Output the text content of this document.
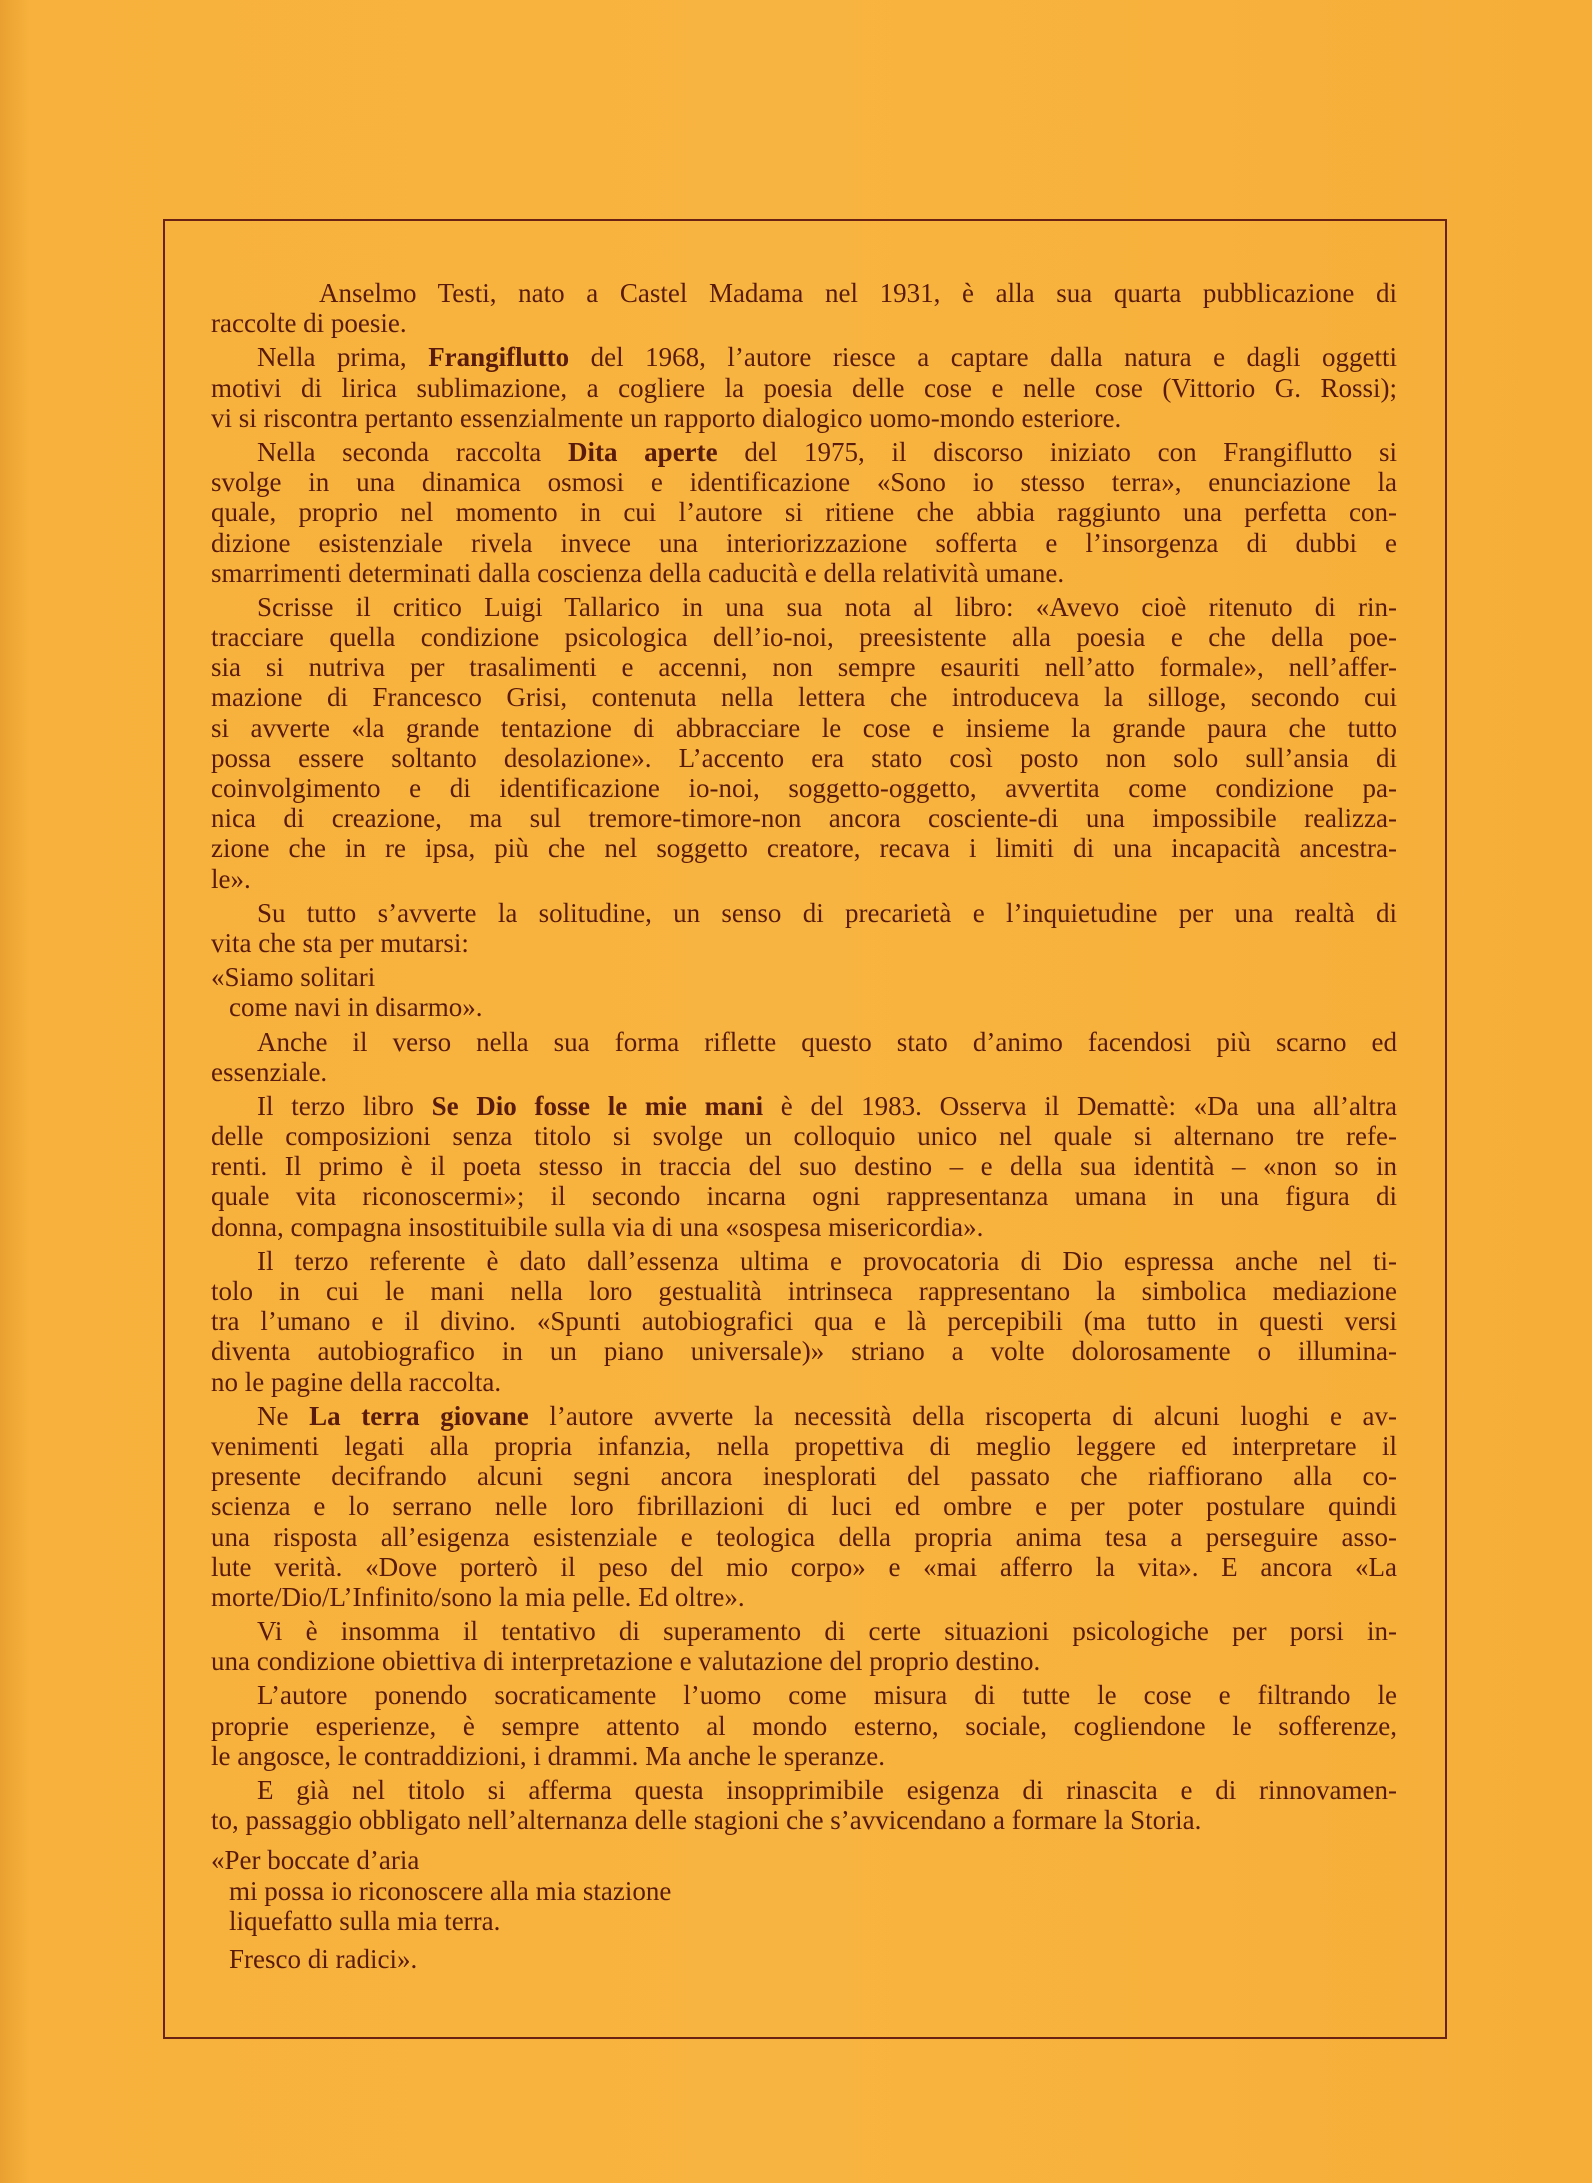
Anselmo Testi, nato a Castel Madama nel 1931, è alla sua quarta pubblicazione di
raccolte di poesie.
Nella prima, Frangiflutto del 1968, l’autore riesce a captare dalla natura e dagli oggetti
motivi di lirica sublimazione, a cogliere la poesia delle cose e nelle cose (Vittorio G. Rossi);
vi si riscontra pertanto essenzialmente un rapporto dialogico uomo-mondo esteriore.
Nella seconda raccolta Dita aperte del 1975, il discorso iniziato con Frangiflutto si
svolge in una dinamica osmosi e identificazione «Sono io stesso terra», enunciazione la
quale, proprio nel momento in cui l’autore si ritiene che abbia raggiunto una perfetta con-
dizione esistenziale rivela invece una interiorizzazione sofferta e l’insorgenza di dubbi e
smarrimenti determinati dalla coscienza della caducità e della relatività umane.
Scrisse il critico Luigi Tallarico in una sua nota al libro: «Avevo cioè ritenuto di rin-
tracciare quella condizione psicologica dell’io-noi, preesistente alla poesia e che della poe-
sia si nutriva per trasalimenti e accenni, non sempre esauriti nell’atto formale», nell’affer-
mazione di Francesco Grisi, contenuta nella lettera che introduceva la silloge, secondo cui
si avverte «la grande tentazione di abbracciare le cose e insieme la grande paura che tutto
possa essere soltanto desolazione». L’accento era stato così posto non solo sull’ansia di
coinvolgimento e di identificazione io-noi, soggetto-oggetto, avvertita come condizione pa-
nica di creazione, ma sul tremore-timore-non ancora cosciente-di una impossibile realizza-
zione che in re ipsa, più che nel soggetto creatore, recava i limiti di una incapacità ancestra-
le».
Su tutto s’avverte la solitudine, un senso di precarietà e l’inquietudine per una realtà di
vita che sta per mutarsi:
«Siamo solitari
come navi in disarmo».
Anche il verso nella sua forma riflette questo stato d’animo facendosi più scarno ed
essenziale.
Il terzo libro Se Dio fosse le mie mani è del 1983. Osserva il Demattè: «Da una all’altra
delle composizioni senza titolo si svolge un colloquio unico nel quale si alternano tre refe-
renti. Il primo è il poeta stesso in traccia del suo destino – e della sua identità – «non so in
quale vita riconoscermi»; il secondo incarna ogni rappresentanza umana in una figura di
donna, compagna insostituibile sulla via di una «sospesa misericordia».
Il terzo referente è dato dall’essenza ultima e provocatoria di Dio espressa anche nel ti-
tolo in cui le mani nella loro gestualità intrinseca rappresentano la simbolica mediazione
tra l’umano e il divino. «Spunti autobiografici qua e là percepibili (ma tutto in questi versi
diventa autobiografico in un piano universale)» striano a volte dolorosamente o illumina-
no le pagine della raccolta.
Ne La terra giovane l’autore avverte la necessità della riscoperta di alcuni luoghi e av-
venimenti legati alla propria infanzia, nella propettiva di meglio leggere ed interpretare il
presente decifrando alcuni segni ancora inesplorati del passato che riaffiorano alla co-
scienza e lo serrano nelle loro fibrillazioni di luci ed ombre e per poter postulare quindi
una risposta all’esigenza esistenziale e teologica della propria anima tesa a perseguire asso-
lute verità. «Dove porterò il peso del mio corpo» e «mai afferro la vita». E ancora «La
morte/Dio/L’Infinito/sono la mia pelle. Ed oltre».
Vi è insomma il tentativo di superamento di certe situazioni psicologiche per porsi in-
una condizione obiettiva di interpretazione e valutazione del proprio destino.
L’autore ponendo socraticamente l’uomo come misura di tutte le cose e filtrando le
proprie esperienze, è sempre attento al mondo esterno, sociale, cogliendone le sofferenze,
le angosce, le contraddizioni, i drammi. Ma anche le speranze.
E già nel titolo si afferma questa insopprimibile esigenza di rinascita e di rinnovamen-
to, passaggio obbligato nell’alternanza delle stagioni che s’avvicendano a formare la Storia.
«Per boccate d’aria
mi possa io riconoscere alla mia stazione
liquefatto sulla mia terra.
Fresco di radici».
